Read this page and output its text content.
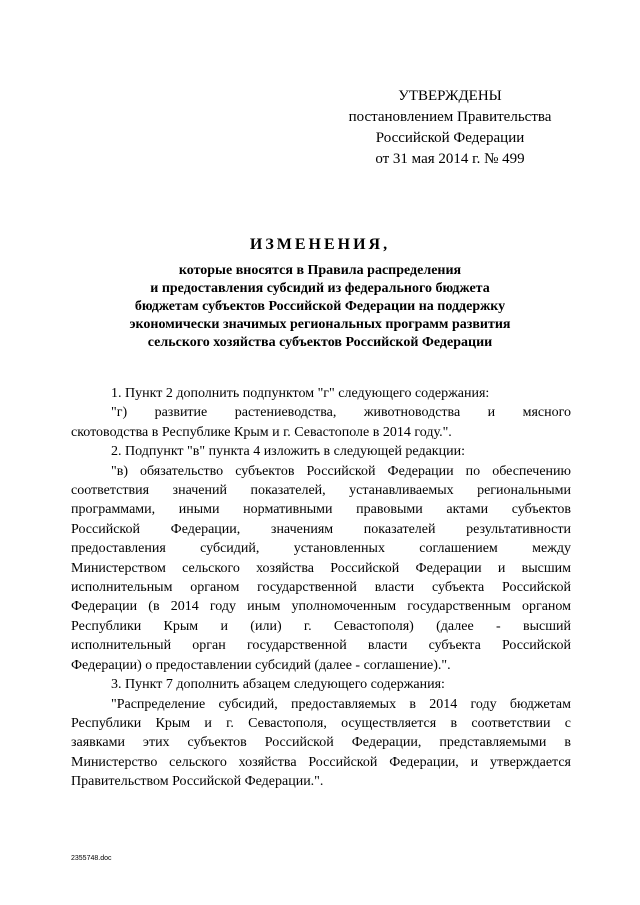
УТВЕРЖДЕНЫ
постановлением Правительства
Российской Федерации
от 31 мая 2014 г. № 499
ИЗМЕНЕНИЯ,
которые вносятся в Правила распределения
и предоставления субсидий из федерального бюджета
бюджетам субъектов Российской Федерации на поддержку
экономически значимых региональных программ развития
сельского хозяйства субъектов Российской Федерации
1. Пункт 2 дополнить подпунктом "г" следующего содержания:
"г) развитие растениеводства, животноводства и мясного
скотоводства в Республике Крым и г. Севастополе в 2014 году.".
2. Подпункт "в" пункта 4 изложить в следующей редакции:
"в) обязательство субъектов Российской Федерации по обеспечению
соответствия значений показателей, устанавливаемых региональными
программами, иными нормативными правовыми актами субъектов
Российской Федерации, значениям показателей результативности
предоставления субсидий, установленных соглашением между
Министерством сельского хозяйства Российской Федерации и высшим
исполнительным органом государственной власти субъекта Российской
Федерации (в 2014 году иным уполномоченным государственным органом
Республики Крым и (или) г. Севастополя) (далее - высший
исполнительный орган государственной власти субъекта Российской
Федерации) о предоставлении субсидий (далее - соглашение).".
3. Пункт 7 дополнить абзацем следующего содержания:
"Распределение субсидий, предоставляемых в 2014 году бюджетам
Республики Крым и г. Севастополя, осуществляется в соответствии с
заявками этих субъектов Российской Федерации, представляемыми в
Министерство сельского хозяйства Российской Федерации, и утверждается
Правительством Российской Федерации.".
2355748.doc
